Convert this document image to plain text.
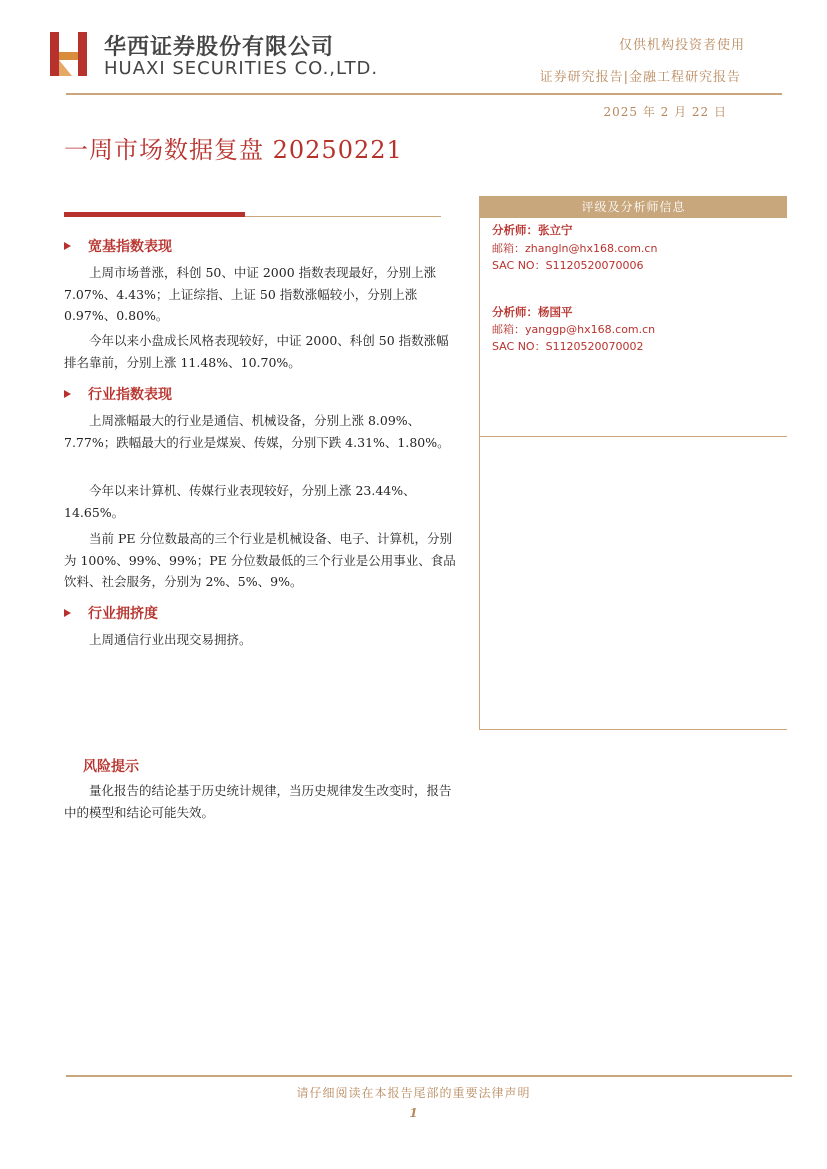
华西证券股份有限公司
HUAXI SECURITIES CO.,LTD.
仅供机构投资者使用
证券研究报告|金融工程研究报告
2025 年 2 月 22 日
一周市场数据复盘 20250221
宽基指数表现
上周市场普涨，科创 50、中证 2000 指数表现最好，分别上涨 7.07%、4.43%；上证综指、上证 50 指数涨幅较小，分别上涨 0.97%、0.80%。
今年以来小盘成长风格表现较好，中证 2000、科创 50 指数涨幅排名靠前，分别上涨 11.48%、10.70%。
行业指数表现
上周涨幅最大的行业是通信、机械设备，分别上涨 8.09%、7.77%；跌幅最大的行业是煤炭、传媒，分别下跌 4.31%、1.80%。
今年以来计算机、传媒行业表现较好，分别上涨 23.44%、14.65%。
当前 PE 分位数最高的三个行业是机械设备、电子、计算机，分别为 100%、99%、99%；PE 分位数最低的三个行业是公用事业、食品饮料、社会服务，分别为 2%、5%、9%。
行业拥挤度
上周通信行业出现交易拥挤。
评级及分析师信息
分析师：张立宁
邮箱：zhangln@hx168.com.cn
SAC NO：S1120520070006
分析师：杨国平
邮箱：yanggp@hx168.com.cn
SAC NO：S1120520070002
风险提示
量化报告的结论基于历史统计规律，当历史规律发生改变时，报告中的模型和结论可能失效。
请仔细阅读在本报告尾部的重要法律声明
1
